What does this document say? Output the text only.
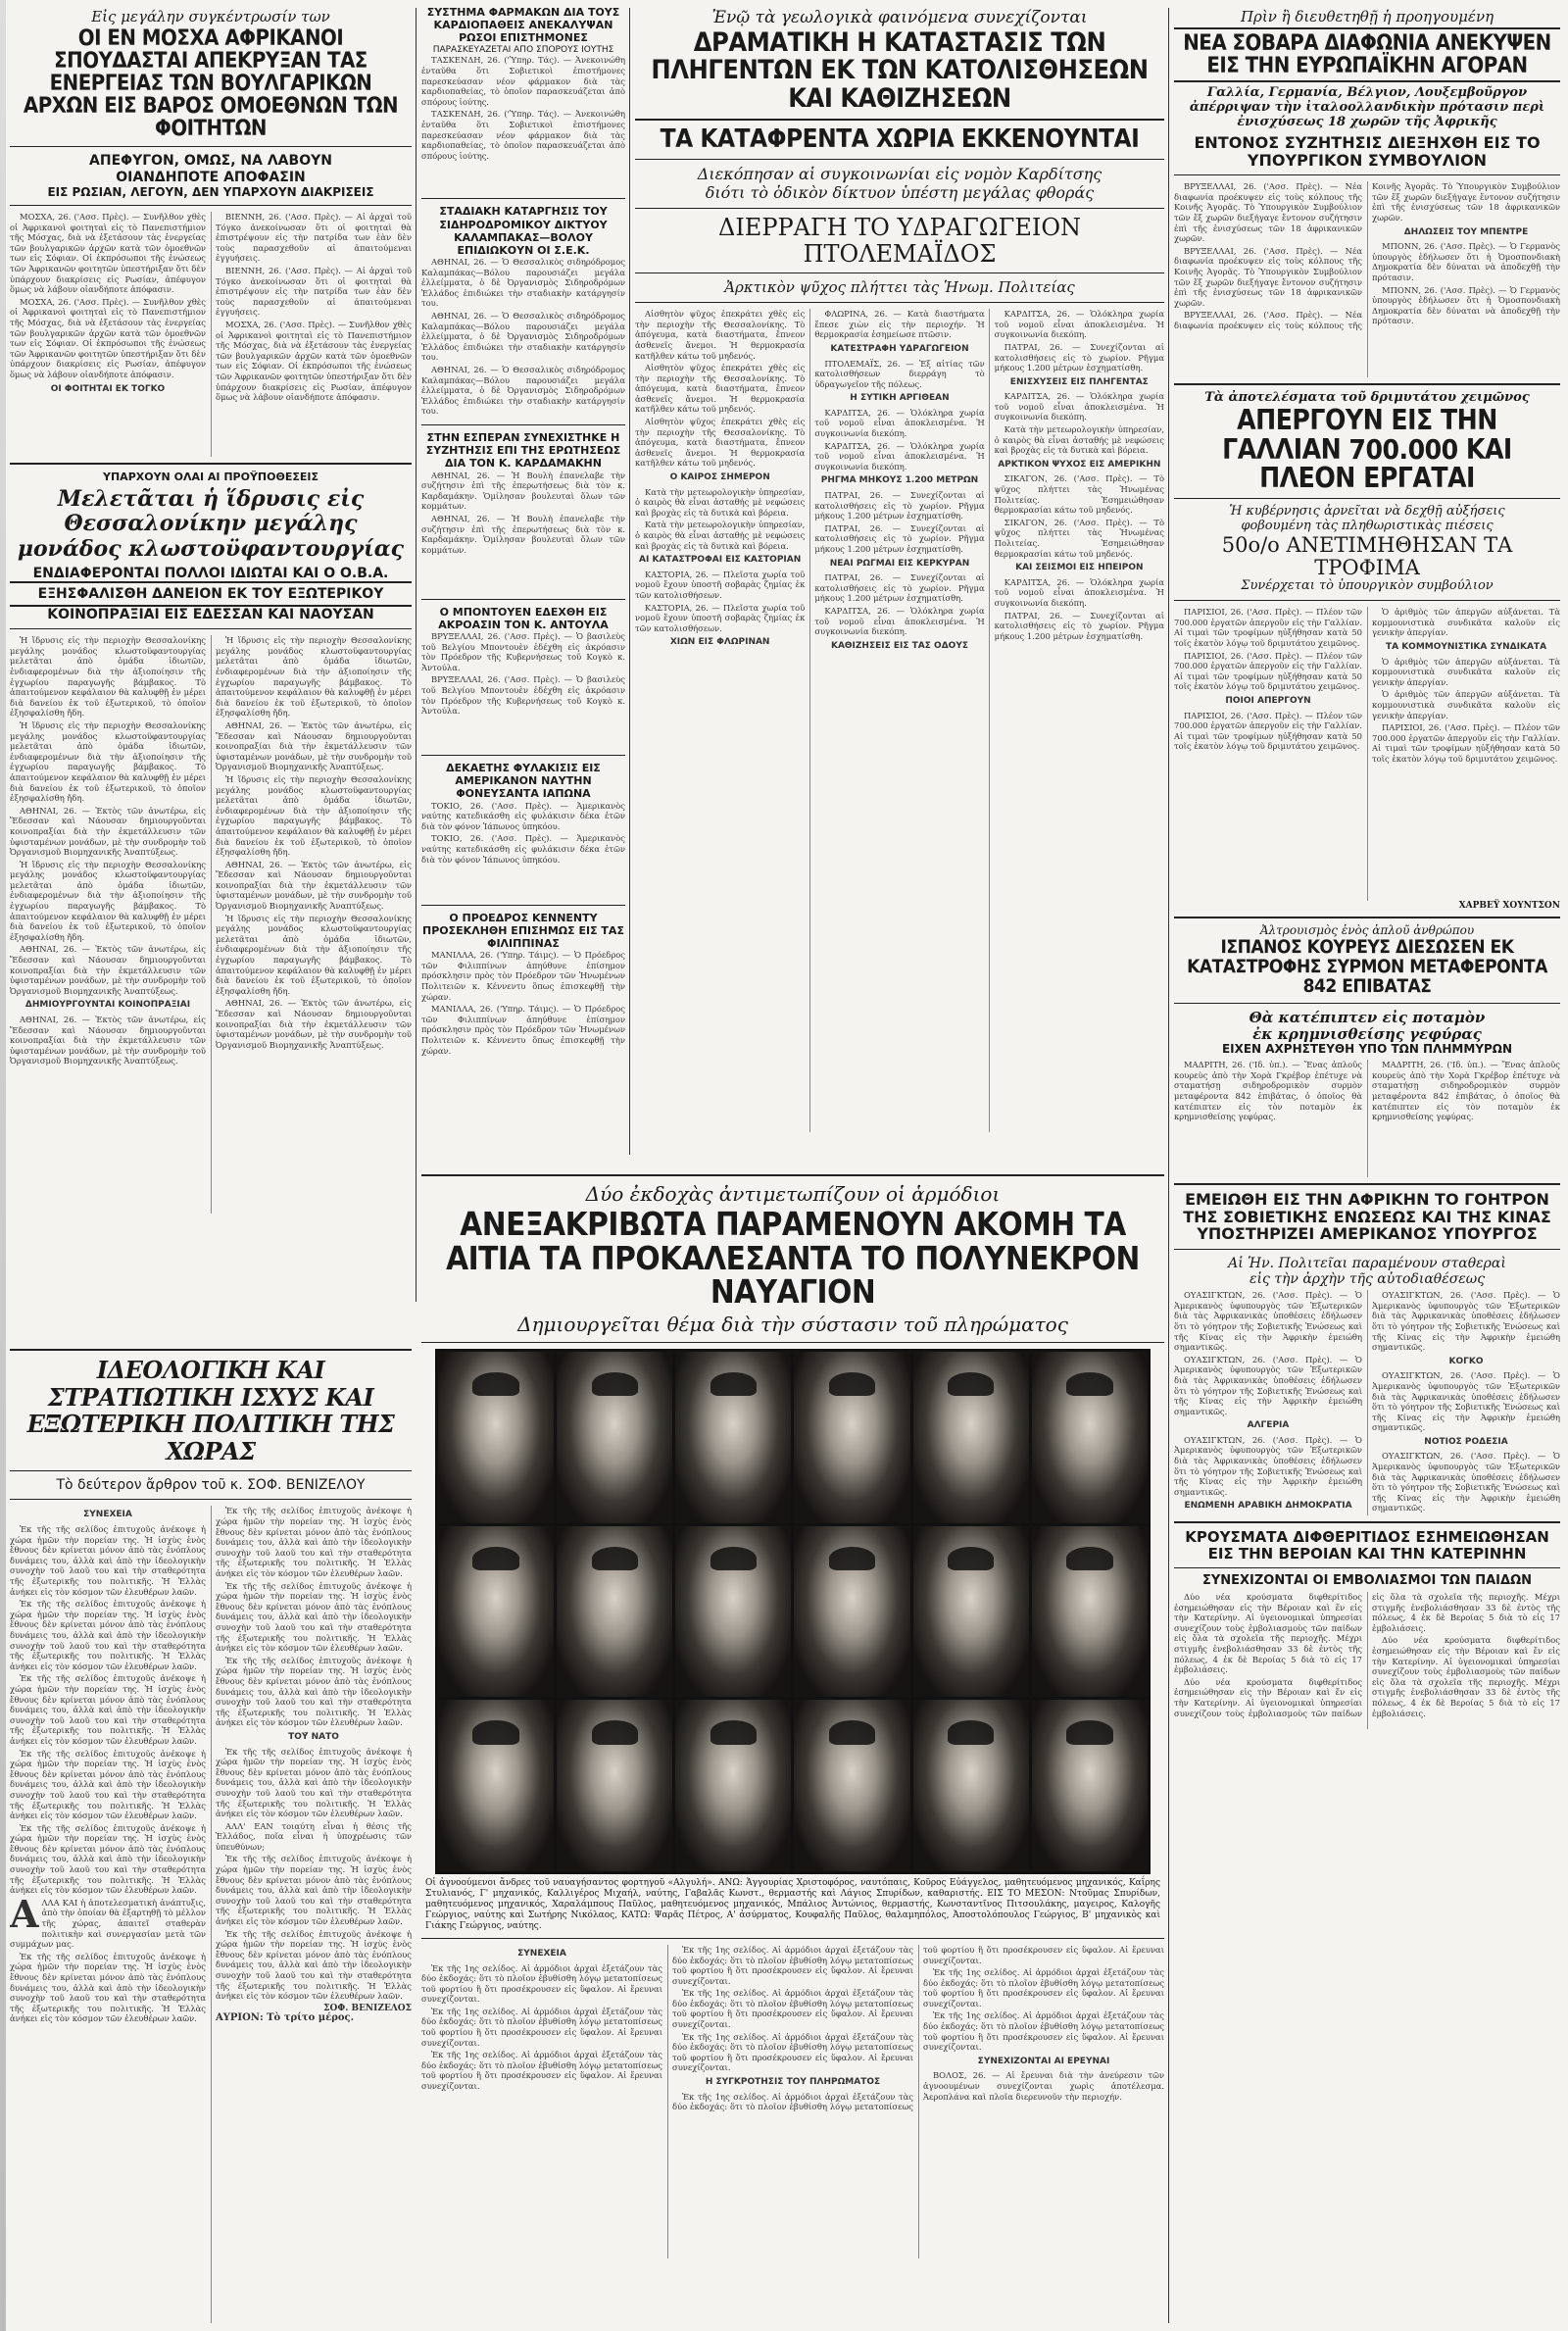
Εἰς μεγάλην συγκέντρωσίν των
ΟΙ ΕΝ ΜΟΣΧΑ ΑΦΡΙΚΑΝΟΙ ΣΠΟΥΔΑΣΤΑΙ ΑΠΕΚΡΥΞΑΝ ΤΑΣ ΕΝΕΡΓΕΙΑΣ ΤΩΝ ΒΟΥΛΓΑΡΙΚΩΝ ΑΡΧΩΝ ΕΙΣ ΒΑΡΟΣ ΟΜΟΕΘΝΩΝ ΤΩΝ ΦΟΙΤΗΤΩΝ
ΑΠΕΦΥΓΟΝ, ΟΜΩΣ, ΝΑ ΛΑΒΟΥΝ
ΟΙΑΝΔΗΠΟΤΕ ΑΠΟΦΑΣΙΝ
ΕΙΣ ΡΩΣΙΑΝ, ΛΕΓΟΥΝ, ΔΕΝ ΥΠΑΡΧΟΥΝ ΔΙΑΚΡΙΣΕΙΣ

ΜΟΣΧΑ, 26. ('Ασσ. Πρὲς). — Συνῆλθον χθὲς οἱ Ἀφρικανοὶ φοιτηταὶ εἰς τὸ Πανεπιστήμιον τῆς Μόσχας, διὰ νὰ ἐξετάσουν τὰς ἐνεργείας τῶν βουλγαρικῶν ἀρχῶν κατὰ τῶν ὁμοεθνῶν των εἰς Σόφιαν. Οἱ ἐκπρόσωποι τῆς ἑνώσεως τῶν Ἀφρικανῶν φοιτητῶν ὑπεστήριξαν ὅτι δὲν ὑπάρχουν διακρίσεις εἰς Ρωσίαν, ἀπέφυγον ὅμως νὰ λάβουν οἱανδήποτε ἀπόφασιν.

ΜΟΣΧΑ, 26. ('Ασσ. Πρὲς). — Συνῆλθον χθὲς οἱ Ἀφρικανοὶ φοιτηταὶ εἰς τὸ Πανεπιστήμιον τῆς Μόσχας, διὰ νὰ ἐξετάσουν τὰς ἐνεργείας τῶν βουλγαρικῶν ἀρχῶν κατὰ τῶν ὁμοεθνῶν των εἰς Σόφιαν. Οἱ ἐκπρόσωποι τῆς ἑνώσεως τῶν Ἀφρικανῶν φοιτητῶν ὑπεστήριξαν ὅτι δὲν ὑπάρχουν διακρίσεις εἰς Ρωσίαν, ἀπέφυγον ὅμως νὰ λάβουν οἱανδήποτε ἀπόφασιν.

ΟΙ ΦΟΙΤΗΤΑΙ ΕΚ ΤΟΓΚΟ

ΒΙΕΝΝΗ, 26. ('Ασσ. Πρὲς). — Αἱ ἀρχαὶ τοῦ Τόγκο ἀνεκοίνωσαν ὅτι οἱ φοιτηταὶ θὰ ἐπιστρέψουν εἰς τὴν πατρίδα των ἐὰν δὲν τοὺς παρασχεθοῦν αἱ ἀπαιτούμεναι ἐγγυήσεις.

ΒΙΕΝΝΗ, 26. ('Ασσ. Πρὲς). — Αἱ ἀρχαὶ τοῦ Τόγκο ἀνεκοίνωσαν ὅτι οἱ φοιτηταὶ θὰ ἐπιστρέψουν εἰς τὴν πατρίδα των ἐὰν δὲν τοὺς παρασχεθοῦν αἱ ἀπαιτούμεναι ἐγγυήσεις.

ΜΟΣΧΑ, 26. ('Ασσ. Πρὲς). — Συνῆλθον χθὲς οἱ Ἀφρικανοὶ φοιτηταὶ εἰς τὸ Πανεπιστήμιον τῆς Μόσχας, διὰ νὰ ἐξετάσουν τὰς ἐνεργείας τῶν βουλγαρικῶν ἀρχῶν κατὰ τῶν ὁμοεθνῶν των εἰς Σόφιαν. Οἱ ἐκπρόσωποι τῆς ἑνώσεως τῶν Ἀφρικανῶν φοιτητῶν ὑπεστήριξαν ὅτι δὲν ὑπάρχουν διακρίσεις εἰς Ρωσίαν, ἀπέφυγον ὅμως νὰ λάβουν οἱανδήποτε ἀπόφασιν.

ΥΠΑΡΧΟΥΝ ΟΛΑΙ ΑΙ ΠΡΟΫΠΟΘΕΣΕΙΣ
Μελετᾶται ἡ ἵδρυσις εἰς Θεσσαλονίκην μεγάλης μονάδος κλωστοϋφαντουργίας
ΕΝΔΙΑΦΕΡΟΝΤΑΙ ΠΟΛΛΟΙ ΙΔΙΩΤΑΙ ΚΑΙ Ο Ο.Β.Α.
ΕΞΗΣΦΑΛΙΣΘΗ ΔΑΝΕΙΟΝ ΕΚ ΤΟΥ ΕΞΩΤΕΡΙΚΟΥ
ΚΟΙΝΟΠΡΑΞΙΑΙ ΕΙΣ ΕΔΕΣΣΑΝ ΚΑΙ ΝΑΟΥΣΑΝ

Ἡ ἵδρυσις εἰς τὴν περιοχὴν Θεσσαλονίκης μεγάλης μονάδος κλωστοϋφαντουργίας μελετᾶται ἀπὸ ὁμάδα ἰδιωτῶν, ἐνδιαφερομένων διὰ τὴν ἀξιοποίησιν τῆς ἐγχωρίου παραγωγῆς βάμβακος. Τὸ ἀπαιτούμενον κεφάλαιον θὰ καλυφθῇ ἐν μέρει διὰ δανείου ἐκ τοῦ ἐξωτερικοῦ, τὸ ὁποῖον ἐξησφαλίσθη ἤδη.

Ἡ ἵδρυσις εἰς τὴν περιοχὴν Θεσσαλονίκης μεγάλης μονάδος κλωστοϋφαντουργίας μελετᾶται ἀπὸ ὁμάδα ἰδιωτῶν, ἐνδιαφερομένων διὰ τὴν ἀξιοποίησιν τῆς ἐγχωρίου παραγωγῆς βάμβακος. Τὸ ἀπαιτούμενον κεφάλαιον θὰ καλυφθῇ ἐν μέρει διὰ δανείου ἐκ τοῦ ἐξωτερικοῦ, τὸ ὁποῖον ἐξησφαλίσθη ἤδη.

ΑΘΗΝΑΙ, 26. — Ἐκτὸς τῶν ἀνωτέρω, εἰς Ἔδεσσαν καὶ Νάουσαν δημιουργοῦνται κοινοπραξίαι διὰ τὴν ἐκμετάλλευσιν τῶν ὑφισταμένων μονάδων, μὲ τὴν συνδρομὴν τοῦ Ὀργανισμοῦ Βιομηχανικῆς Ἀναπτύξεως.

Ἡ ἵδρυσις εἰς τὴν περιοχὴν Θεσσαλονίκης μεγάλης μονάδος κλωστοϋφαντουργίας μελετᾶται ἀπὸ ὁμάδα ἰδιωτῶν, ἐνδιαφερομένων διὰ τὴν ἀξιοποίησιν τῆς ἐγχωρίου παραγωγῆς βάμβακος. Τὸ ἀπαιτούμενον κεφάλαιον θὰ καλυφθῇ ἐν μέρει διὰ δανείου ἐκ τοῦ ἐξωτερικοῦ, τὸ ὁποῖον ἐξησφαλίσθη ἤδη.

ΑΘΗΝΑΙ, 26. — Ἐκτὸς τῶν ἀνωτέρω, εἰς Ἔδεσσαν καὶ Νάουσαν δημιουργοῦνται κοινοπραξίαι διὰ τὴν ἐκμετάλλευσιν τῶν ὑφισταμένων μονάδων, μὲ τὴν συνδρομὴν τοῦ Ὀργανισμοῦ Βιομηχανικῆς Ἀναπτύξεως.

ΔΗΜΙΟΥΡΓΟΥΝΤΑΙ ΚΟΙΝΟΠΡΑΞΙΑΙ

ΑΘΗΝΑΙ, 26. — Ἐκτὸς τῶν ἀνωτέρω, εἰς Ἔδεσσαν καὶ Νάουσαν δημιουργοῦνται κοινοπραξίαι διὰ τὴν ἐκμετάλλευσιν τῶν ὑφισταμένων μονάδων, μὲ τὴν συνδρομὴν τοῦ Ὀργανισμοῦ Βιομηχανικῆς Ἀναπτύξεως.

Ἡ ἵδρυσις εἰς τὴν περιοχὴν Θεσσαλονίκης μεγάλης μονάδος κλωστοϋφαντουργίας μελετᾶται ἀπὸ ὁμάδα ἰδιωτῶν, ἐνδιαφερομένων διὰ τὴν ἀξιοποίησιν τῆς ἐγχωρίου παραγωγῆς βάμβακος. Τὸ ἀπαιτούμενον κεφάλαιον θὰ καλυφθῇ ἐν μέρει διὰ δανείου ἐκ τοῦ ἐξωτερικοῦ, τὸ ὁποῖον ἐξησφαλίσθη ἤδη.

ΑΘΗΝΑΙ, 26. — Ἐκτὸς τῶν ἀνωτέρω, εἰς Ἔδεσσαν καὶ Νάουσαν δημιουργοῦνται κοινοπραξίαι διὰ τὴν ἐκμετάλλευσιν τῶν ὑφισταμένων μονάδων, μὲ τὴν συνδρομὴν τοῦ Ὀργανισμοῦ Βιομηχανικῆς Ἀναπτύξεως.

Ἡ ἵδρυσις εἰς τὴν περιοχὴν Θεσσαλονίκης μεγάλης μονάδος κλωστοϋφαντουργίας μελετᾶται ἀπὸ ὁμάδα ἰδιωτῶν, ἐνδιαφερομένων διὰ τὴν ἀξιοποίησιν τῆς ἐγχωρίου παραγωγῆς βάμβακος. Τὸ ἀπαιτούμενον κεφάλαιον θὰ καλυφθῇ ἐν μέρει διὰ δανείου ἐκ τοῦ ἐξωτερικοῦ, τὸ ὁποῖον ἐξησφαλίσθη ἤδη.

ΑΘΗΝΑΙ, 26. — Ἐκτὸς τῶν ἀνωτέρω, εἰς Ἔδεσσαν καὶ Νάουσαν δημιουργοῦνται κοινοπραξίαι διὰ τὴν ἐκμετάλλευσιν τῶν ὑφισταμένων μονάδων, μὲ τὴν συνδρομὴν τοῦ Ὀργανισμοῦ Βιομηχανικῆς Ἀναπτύξεως.

Ἡ ἵδρυσις εἰς τὴν περιοχὴν Θεσσαλονίκης μεγάλης μονάδος κλωστοϋφαντουργίας μελετᾶται ἀπὸ ὁμάδα ἰδιωτῶν, ἐνδιαφερομένων διὰ τὴν ἀξιοποίησιν τῆς ἐγχωρίου παραγωγῆς βάμβακος. Τὸ ἀπαιτούμενον κεφάλαιον θὰ καλυφθῇ ἐν μέρει διὰ δανείου ἐκ τοῦ ἐξωτερικοῦ, τὸ ὁποῖον ἐξησφαλίσθη ἤδη.

ΑΘΗΝΑΙ, 26. — Ἐκτὸς τῶν ἀνωτέρω, εἰς Ἔδεσσαν καὶ Νάουσαν δημιουργοῦνται κοινοπραξίαι διὰ τὴν ἐκμετάλλευσιν τῶν ὑφισταμένων μονάδων, μὲ τὴν συνδρομὴν τοῦ Ὀργανισμοῦ Βιομηχανικῆς Ἀναπτύξεως.

ΙΔΕΟΛΟΓΙΚΗ ΚΑΙ ΣΤΡΑΤΙΩΤΙΚΗ ΙΣΧΥΣ ΚΑΙ ΕΞΩΤΕΡΙΚΗ ΠΟΛΙΤΙΚΗ ΤΗΣ ΧΩΡΑΣ
Τὸ δεύτερον ἄρθρον τοῦ κ. ΣΟΦ. ΒΕΝΙΖΕΛΟΥ
ΣΥΝΕΧΕΙΑ

Ἐκ τῆς τῆς σελίδος ἐπιτυχοῦς ἀνέκοψε ἡ χώρα ἡμῶν τὴν πορείαν της. Ἡ ἰσχὺς ἑνὸς ἔθνους δὲν κρίνεται μόνον ἀπὸ τὰς ἐνόπλους δυνάμεις του, ἀλλὰ καὶ ἀπὸ τὴν ἰδεολογικὴν συνοχὴν τοῦ λαοῦ του καὶ τὴν σταθερότητα τῆς ἐξωτερικῆς του πολιτικῆς. Ἡ Ἑλλὰς ἀνήκει εἰς τὸν κόσμον τῶν ἐλευθέρων λαῶν.

Ἐκ τῆς τῆς σελίδος ἐπιτυχοῦς ἀνέκοψε ἡ χώρα ἡμῶν τὴν πορείαν της. Ἡ ἰσχὺς ἑνὸς ἔθνους δὲν κρίνεται μόνον ἀπὸ τὰς ἐνόπλους δυνάμεις του, ἀλλὰ καὶ ἀπὸ τὴν ἰδεολογικὴν συνοχὴν τοῦ λαοῦ του καὶ τὴν σταθερότητα τῆς ἐξωτερικῆς του πολιτικῆς. Ἡ Ἑλλὰς ἀνήκει εἰς τὸν κόσμον τῶν ἐλευθέρων λαῶν.

Ἐκ τῆς τῆς σελίδος ἐπιτυχοῦς ἀνέκοψε ἡ χώρα ἡμῶν τὴν πορείαν της. Ἡ ἰσχὺς ἑνὸς ἔθνους δὲν κρίνεται μόνον ἀπὸ τὰς ἐνόπλους δυνάμεις του, ἀλλὰ καὶ ἀπὸ τὴν ἰδεολογικὴν συνοχὴν τοῦ λαοῦ του καὶ τὴν σταθερότητα τῆς ἐξωτερικῆς του πολιτικῆς. Ἡ Ἑλλὰς ἀνήκει εἰς τὸν κόσμον τῶν ἐλευθέρων λαῶν.

Ἐκ τῆς τῆς σελίδος ἐπιτυχοῦς ἀνέκοψε ἡ χώρα ἡμῶν τὴν πορείαν της. Ἡ ἰσχὺς ἑνὸς ἔθνους δὲν κρίνεται μόνον ἀπὸ τὰς ἐνόπλους δυνάμεις του, ἀλλὰ καὶ ἀπὸ τὴν ἰδεολογικὴν συνοχὴν τοῦ λαοῦ του καὶ τὴν σταθερότητα τῆς ἐξωτερικῆς του πολιτικῆς. Ἡ Ἑλλὰς ἀνήκει εἰς τὸν κόσμον τῶν ἐλευθέρων λαῶν.

Ἐκ τῆς τῆς σελίδος ἐπιτυχοῦς ἀνέκοψε ἡ χώρα ἡμῶν τὴν πορείαν της. Ἡ ἰσχὺς ἑνὸς ἔθνους δὲν κρίνεται μόνον ἀπὸ τὰς ἐνόπλους δυνάμεις του, ἀλλὰ καὶ ἀπὸ τὴν ἰδεολογικὴν συνοχὴν τοῦ λαοῦ του καὶ τὴν σταθερότητα τῆς ἐξωτερικῆς του πολιτικῆς. Ἡ Ἑλλὰς ἀνήκει εἰς τὸν κόσμον τῶν ἐλευθέρων λαῶν.

ΑΛΛΑ ΚΑΙ ἡ ἀποτελεσματικὴ ἀνάπτυξις, ἀπὸ τὴν ὁποίαν θὰ ἐξαρτηθῇ τὸ μέλλον τῆς χώρας, ἀπαιτεῖ σταθερὰν πολιτικὴν καὶ συνεργασίαν μετὰ τῶν συμμάχων μας.

Ἐκ τῆς τῆς σελίδος ἐπιτυχοῦς ἀνέκοψε ἡ χώρα ἡμῶν τὴν πορείαν της. Ἡ ἰσχὺς ἑνὸς ἔθνους δὲν κρίνεται μόνον ἀπὸ τὰς ἐνόπλους δυνάμεις του, ἀλλὰ καὶ ἀπὸ τὴν ἰδεολογικὴν συνοχὴν τοῦ λαοῦ του καὶ τὴν σταθερότητα τῆς ἐξωτερικῆς του πολιτικῆς. Ἡ Ἑλλὰς ἀνήκει εἰς τὸν κόσμον τῶν ἐλευθέρων λαῶν.

Ἐκ τῆς τῆς σελίδος ἐπιτυχοῦς ἀνέκοψε ἡ χώρα ἡμῶν τὴν πορείαν της. Ἡ ἰσχὺς ἑνὸς ἔθνους δὲν κρίνεται μόνον ἀπὸ τὰς ἐνόπλους δυνάμεις του, ἀλλὰ καὶ ἀπὸ τὴν ἰδεολογικὴν συνοχὴν τοῦ λαοῦ του καὶ τὴν σταθερότητα τῆς ἐξωτερικῆς του πολιτικῆς. Ἡ Ἑλλὰς ἀνήκει εἰς τὸν κόσμον τῶν ἐλευθέρων λαῶν.

Ἐκ τῆς τῆς σελίδος ἐπιτυχοῦς ἀνέκοψε ἡ χώρα ἡμῶν τὴν πορείαν της. Ἡ ἰσχὺς ἑνὸς ἔθνους δὲν κρίνεται μόνον ἀπὸ τὰς ἐνόπλους δυνάμεις του, ἀλλὰ καὶ ἀπὸ τὴν ἰδεολογικὴν συνοχὴν τοῦ λαοῦ του καὶ τὴν σταθερότητα τῆς ἐξωτερικῆς του πολιτικῆς. Ἡ Ἑλλὰς ἀνήκει εἰς τὸν κόσμον τῶν ἐλευθέρων λαῶν.

Ἐκ τῆς τῆς σελίδος ἐπιτυχοῦς ἀνέκοψε ἡ χώρα ἡμῶν τὴν πορείαν της. Ἡ ἰσχὺς ἑνὸς ἔθνους δὲν κρίνεται μόνον ἀπὸ τὰς ἐνόπλους δυνάμεις του, ἀλλὰ καὶ ἀπὸ τὴν ἰδεολογικὴν συνοχὴν τοῦ λαοῦ του καὶ τὴν σταθερότητα τῆς ἐξωτερικῆς του πολιτικῆς. Ἡ Ἑλλὰς ἀνήκει εἰς τὸν κόσμον τῶν ἐλευθέρων λαῶν.

ΤΟΥ͂ ΝΑΤΟ

Ἐκ τῆς τῆς σελίδος ἐπιτυχοῦς ἀνέκοψε ἡ χώρα ἡμῶν τὴν πορείαν της. Ἡ ἰσχὺς ἑνὸς ἔθνους δὲν κρίνεται μόνον ἀπὸ τὰς ἐνόπλους δυνάμεις του, ἀλλὰ καὶ ἀπὸ τὴν ἰδεολογικὴν συνοχὴν τοῦ λαοῦ του καὶ τὴν σταθερότητα τῆς ἐξωτερικῆς του πολιτικῆς. Ἡ Ἑλλὰς ἀνήκει εἰς τὸν κόσμον τῶν ἐλευθέρων λαῶν.

ΑΛΛ' ΕΑΝ τοιαύτη εἶναι ἡ θέσις τῆς Ἑλλάδος, ποῖα εἶναι ἡ ὑποχρέωσις τῶν ὑπευθύνων;

Ἐκ τῆς τῆς σελίδος ἐπιτυχοῦς ἀνέκοψε ἡ χώρα ἡμῶν τὴν πορείαν της. Ἡ ἰσχὺς ἑνὸς ἔθνους δὲν κρίνεται μόνον ἀπὸ τὰς ἐνόπλους δυνάμεις του, ἀλλὰ καὶ ἀπὸ τὴν ἰδεολογικὴν συνοχὴν τοῦ λαοῦ του καὶ τὴν σταθερότητα τῆς ἐξωτερικῆς του πολιτικῆς. Ἡ Ἑλλὰς ἀνήκει εἰς τὸν κόσμον τῶν ἐλευθέρων λαῶν.

Ἐκ τῆς τῆς σελίδος ἐπιτυχοῦς ἀνέκοψε ἡ χώρα ἡμῶν τὴν πορείαν της. Ἡ ἰσχὺς ἑνὸς ἔθνους δὲν κρίνεται μόνον ἀπὸ τὰς ἐνόπλους δυνάμεις του, ἀλλὰ καὶ ἀπὸ τὴν ἰδεολογικὴν συνοχὴν τοῦ λαοῦ του καὶ τὴν σταθερότητα τῆς ἐξωτερικῆς του πολιτικῆς. Ἡ Ἑλλὰς ἀνήκει εἰς τὸν κόσμον τῶν ἐλευθέρων λαῶν.

ΣΟΦ. ΒΕΝΙΖΕΛΟΣ
ΑΥΡΙΟΝ: Τὸ τρίτο μέρος.
ΣΥΣΤΗΜΑ ΦΑΡΜΑΚΩΝ ΔΙΑ ΤΟΥΣ ΚΑΡΔΙΟΠΑΘΕΙΣ ΑΝΕΚΑΛΥΨΑΝ ΡΩΣΟΙ ΕΠΙΣΤΗΜΟΝΕΣ
ΠΑΡΑΣΚΕΥΑΖΕΤΑΙ ΑΠΟ ΣΠΟΡΟΥΣ ΙΟΥΤΗΣ

ΤΑΣΚΕΝΔΗ, 26. ('Ὑπηρ. Τάς). — Ἀνεκοινώθη ἐνταῦθα ὅτι Σοβιετικοὶ ἐπιστήμονες παρεσκεύασαν νέον φάρμακον διὰ τὰς καρδιοπαθείας, τὸ ὁποῖον παρασκευάζεται ἀπὸ σπόρους ἰούτης.

ΤΑΣΚΕΝΔΗ, 26. ('Ὑπηρ. Τάς). — Ἀνεκοινώθη ἐνταῦθα ὅτι Σοβιετικοὶ ἐπιστήμονες παρεσκεύασαν νέον φάρμακον διὰ τὰς καρδιοπαθείας, τὸ ὁποῖον παρασκευάζεται ἀπὸ σπόρους ἰούτης.

ΣΤΑΔΙΑΚΗ ΚΑΤΑΡΓΗΣΙΣ ΤΟΥ ΣΙΔΗΡΟΔΡΟΜΙΚΟΥ ΔΙΚΤΥΟΥ ΚΑΛΑΜΠΑΚΑΣ—ΒΟΛΟΥ ΕΠΙΔΙΩΚΟΥΝ ΟΙ Σ.Ε.Κ.

ΑΘΗΝΑΙ, 26. — Ὁ Θεσσαλικὸς σιδηρόδρομος Καλαμπάκας—Βόλου παρουσιάζει μεγάλα ἐλλείμματα, ὁ δὲ Ὀργανισμὸς Σιδηροδρόμων Ἑλλάδος ἐπιδιώκει τὴν σταδιακὴν κατάργησίν του.

ΑΘΗΝΑΙ, 26. — Ὁ Θεσσαλικὸς σιδηρόδρομος Καλαμπάκας—Βόλου παρουσιάζει μεγάλα ἐλλείμματα, ὁ δὲ Ὀργανισμὸς Σιδηροδρόμων Ἑλλάδος ἐπιδιώκει τὴν σταδιακὴν κατάργησίν του.

ΑΘΗΝΑΙ, 26. — Ὁ Θεσσαλικὸς σιδηρόδρομος Καλαμπάκας—Βόλου παρουσιάζει μεγάλα ἐλλείμματα, ὁ δὲ Ὀργανισμὸς Σιδηροδρόμων Ἑλλάδος ἐπιδιώκει τὴν σταδιακὴν κατάργησίν του.

ΣΤΗΝ ΕΣΠΕΡΑΝ ΣΥΝΕΧΙΣΤΗΚΕ Η ΣΥΖΗΤΗΣΙΣ ΕΠΙ ΤΗΣ ΕΡΩΤΗΣΕΩΣ ΔΙΑ ΤΟΝ Κ. ΚΑΡΔΑΜΑΚΗΝ

ΑΘΗΝΑΙ, 26. — Ἡ Βουλὴ ἐπανελαβε τὴν συζήτησιν ἐπὶ τῆς ἐπερωτήσεως διὰ τὸν κ. Καρδαμάκην. Ὁμίλησαν βουλευταὶ ὅλων τῶν κομμάτων.

ΑΘΗΝΑΙ, 26. — Ἡ Βουλὴ ἐπανελαβε τὴν συζήτησιν ἐπὶ τῆς ἐπερωτήσεως διὰ τὸν κ. Καρδαμάκην. Ὁμίλησαν βουλευταὶ ὅλων τῶν κομμάτων.

Ο ΜΠΟΝΤΟΥΕΝ ΕΔΕΧΘΗ ΕΙΣ ΑΚΡΟΑΣΙΝ ΤΟΝ Κ. ΑΝΤΟΥΛΑ

ΒΡΥΞΕΛΛΑΙ, 26. ('Ασσ. Πρὲς). — Ὁ βασιλεὺς τοῦ Βελγίου Μποντουὲν ἐδέχθη εἰς ἀκρόασιν τὸν Πρόεδρον τῆς Κυβερνήσεως τοῦ Κογκὸ κ. Ἀντούλα.

ΒΡΥΞΕΛΛΑΙ, 26. ('Ασσ. Πρὲς). — Ὁ βασιλεὺς τοῦ Βελγίου Μποντουὲν ἐδέχθη εἰς ἀκρόασιν τὸν Πρόεδρον τῆς Κυβερνήσεως τοῦ Κογκὸ κ. Ἀντούλα.

ΔΕΚΑΕΤΗΣ ΦΥΛΑΚΙΣΙΣ ΕΙΣ ΑΜΕΡΙΚΑΝΟΝ ΝΑΥΤΗΝ ΦΟΝΕΥΣΑΝΤΑ ΙΑΠΩΝΑ

ΤΟΚΙΟ, 26. ('Ασσ. Πρὲς). — Ἀμερικανὸς ναύτης κατεδικάσθη εἰς φυλάκισιν δέκα ἐτῶν διὰ τὸν φόνον Ἰάπωνος ὑπηκόου.

ΤΟΚΙΟ, 26. ('Ασσ. Πρὲς). — Ἀμερικανὸς ναύτης κατεδικάσθη εἰς φυλάκισιν δέκα ἐτῶν διὰ τὸν φόνον Ἰάπωνος ὑπηκόου.

Ο ΠΡΟΕΔΡΟΣ ΚΕΝΝΕΝΤΥ ΠΡΟΣΕΚΛΗΘΗ ΕΠΙΣΗΜΩΣ ΕΙΣ ΤΑΣ ΦΙΛΙΠΠΙΝΑΣ

ΜΑΝΙΛΛΑ, 26. ('Υπηρ. Τάιμς). — Ὁ Πρόεδρος τῶν Φιλιππίνων ἀπηύθυνε ἐπίσημον πρόσκλησιν πρὸς τὸν Πρόεδρον τῶν Ἡνωμένων Πολιτειῶν κ. Κέννεντυ ὅπως ἐπισκεφθῇ τὴν χώραν.

ΜΑΝΙΛΛΑ, 26. ('Υπηρ. Τάιμς). — Ὁ Πρόεδρος τῶν Φιλιππίνων ἀπηύθυνε ἐπίσημον πρόσκλησιν πρὸς τὸν Πρόεδρον τῶν Ἡνωμένων Πολιτειῶν κ. Κέννεντυ ὅπως ἐπισκεφθῇ τὴν χώραν.

Ἐνῷ τὰ γεωλογικὰ φαινόμενα συνεχίζονται
ΔΡΑΜΑΤΙΚΗ Η ΚΑΤΑΣΤΑΣΙΣ ΤΩΝ ΠΛΗΓΕΝΤΩΝ ΕΚ ΤΩΝ ΚΑΤΟΛΙΣΘΗΣΕΩΝ ΚΑΙ ΚΑΘΙΖΗΣΕΩΝ
ΤΑ ΚΑΤΑΦΡΕΝΤΑ ΧΩΡΙΑ ΕΚΚΕΝΟΥΝΤΑΙ
Διεκόπησαν αἱ συγκοινωνίαι εἰς νομὸν Καρδίτσης
διότι τὸ ὁδικὸν δίκτυον ὑπέστη μεγάλας φθοράς
ΔΙΕΡΡΑΓΗ ΤΟ ΥΔΡΑΓΩΓΕΙΟΝ ΠΤΟΛΕΜΑΪΔΟΣ
Ἀρκτικὸν ψῦχος πλήττει τὰς Ἡνωμ. Πολιτείας

Αἰσθητὸν ψῦχος ἐπεκράτει χθὲς εἰς τὴν περιοχὴν τῆς Θεσσαλονίκης. Τὸ ἀπόγευμα, κατὰ διαστήματα, ἔπνεον ἀσθενεῖς ἄνεμοι. Ἡ θερμοκρασία κατῆλθεν κάτω τοῦ μηδενός.

Αἰσθητὸν ψῦχος ἐπεκράτει χθὲς εἰς τὴν περιοχὴν τῆς Θεσσαλονίκης. Τὸ ἀπόγευμα, κατὰ διαστήματα, ἔπνεον ἀσθενεῖς ἄνεμοι. Ἡ θερμοκρασία κατῆλθεν κάτω τοῦ μηδενός.

Αἰσθητὸν ψῦχος ἐπεκράτει χθὲς εἰς τὴν περιοχὴν τῆς Θεσσαλονίκης. Τὸ ἀπόγευμα, κατὰ διαστήματα, ἔπνεον ἀσθενεῖς ἄνεμοι. Ἡ θερμοκρασία κατῆλθεν κάτω τοῦ μηδενός.

Ο ΚΑΙΡΟΣ ΣΗΜΕΡΟΝ

Κατὰ τὴν μετεωρολογικὴν ὑπηρεσίαν, ὁ καιρὸς θὰ εἶναι ἀσταθής μὲ νεφώσεις καὶ βροχὰς εἰς τὰ δυτικὰ καὶ βόρεια.

Κατὰ τὴν μετεωρολογικὴν ὑπηρεσίαν, ὁ καιρὸς θὰ εἶναι ἀσταθής μὲ νεφώσεις καὶ βροχὰς εἰς τὰ δυτικὰ καὶ βόρεια.

ΑΙ ΚΑΤΑΣΤΡΟΦΑΙ ΕΙΣ ΚΑΣΤΟΡΙΑΝ

ΚΑΣΤΟΡΙΑ, 26. — Πλεῖστα χωρία τοῦ νομοῦ ἔχουν ὑποστῆ σοβαρὰς ζημίας ἐκ τῶν κατολισθήσεων.

ΚΑΣΤΟΡΙΑ, 26. — Πλεῖστα χωρία τοῦ νομοῦ ἔχουν ὑποστῆ σοβαρὰς ζημίας ἐκ τῶν κατολισθήσεων.

ΧΙΩΝ ΕΙΣ ΦΛΩΡΙΝΑΝ

ΦΛΩΡΙΝΑ, 26. — Κατὰ διαστήματα ἔπεσε χιὼν εἰς τὴν περιοχήν. Ἡ θερμοκρασία ἐσημείωσε πτῶσιν.

ΚΑΤΕΣΤΡΑΦΗ ΥΔΡΑΓΩΓΕΙΟΝ

ΠΤΟΛΕΜΑΪΣ, 26. — Ἐξ αἰτίας τῶν κατολισθήσεων διερράγη τὸ ὑδραγωγεῖον τῆς πόλεως.

Η ΣΥΤΙΚΗ ΑΡΓΙΘΕΑΝ

ΚΑΡΔΙΤΣΑ, 26. — Ὁλόκληρα χωρία τοῦ νομοῦ εἶναι ἀποκλεισμένα. Ἡ συγκοινωνία διεκόπη.

ΚΑΡΔΙΤΣΑ, 26. — Ὁλόκληρα χωρία τοῦ νομοῦ εἶναι ἀποκλεισμένα. Ἡ συγκοινωνία διεκόπη.

ΡΗΓΜΑ ΜΗΚΟΥΣ 1.200 ΜΕΤΡΩΝ

ΠΑΤΡΑΙ, 26. — Συνεχίζονται αἱ κατολισθήσεις εἰς τὸ χωρίον. Ρῆγμα μήκους 1.200 μέτρων ἐσχηματίσθη.

ΠΑΤΡΑΙ, 26. — Συνεχίζονται αἱ κατολισθήσεις εἰς τὸ χωρίον. Ρῆγμα μήκους 1.200 μέτρων ἐσχηματίσθη.

ΝΕΑΙ ΡΩΓΜΑΙ ΕΙΣ ΚΕΡΚΥΡΑΝ

ΠΑΤΡΑΙ, 26. — Συνεχίζονται αἱ κατολισθήσεις εἰς τὸ χωρίον. Ρῆγμα μήκους 1.200 μέτρων ἐσχηματίσθη.

ΚΑΡΔΙΤΣΑ, 26. — Ὁλόκληρα χωρία τοῦ νομοῦ εἶναι ἀποκλεισμένα. Ἡ συγκοινωνία διεκόπη.

ΚΑΘΙΖΗΣΕΙΣ ΕΙΣ ΤΑΣ ΟΔΟΥΣ

ΚΑΡΔΙΤΣΑ, 26. — Ὁλόκληρα χωρία τοῦ νομοῦ εἶναι ἀποκλεισμένα. Ἡ συγκοινωνία διεκόπη.

ΠΑΤΡΑΙ, 26. — Συνεχίζονται αἱ κατολισθήσεις εἰς τὸ χωρίον. Ρῆγμα μήκους 1.200 μέτρων ἐσχηματίσθη.

ΕΝΙΣΧΥΣΕΙΣ ΕΙΣ ΠΛΗΓΕΝΤΑΣ

ΚΑΡΔΙΤΣΑ, 26. — Ὁλόκληρα χωρία τοῦ νομοῦ εἶναι ἀποκλεισμένα. Ἡ συγκοινωνία διεκόπη.

Κατὰ τὴν μετεωρολογικὴν ὑπηρεσίαν, ὁ καιρὸς θὰ εἶναι ἀσταθής μὲ νεφώσεις καὶ βροχὰς εἰς τὰ δυτικὰ καὶ βόρεια.

ΑΡΚΤΙΚΟΝ ΨΥΧΟΣ ΕΙΣ ΑΜΕΡΙΚΗΝ

ΣΙΚΑΓΟΝ, 26. ('Ασσ. Πρὲς). — Τὸ ψῦχος πλήττει τὰς Ἡνωμένας Πολιτείας. Ἐσημειώθησαν θερμοκρασίαι κάτω τοῦ μηδενός.

ΣΙΚΑΓΟΝ, 26. ('Ασσ. Πρὲς). — Τὸ ψῦχος πλήττει τὰς Ἡνωμένας Πολιτείας. Ἐσημειώθησαν θερμοκρασίαι κάτω τοῦ μηδενός.

ΚΑΙ ΣΕΙΣΜΟΙ ΕΙΣ ΗΠΕΙΡΟΝ

ΚΑΡΔΙΤΣΑ, 26. — Ὁλόκληρα χωρία τοῦ νομοῦ εἶναι ἀποκλεισμένα. Ἡ συγκοινωνία διεκόπη.

ΠΑΤΡΑΙ, 26. — Συνεχίζονται αἱ κατολισθήσεις εἰς τὸ χωρίον. Ρῆγμα μήκους 1.200 μέτρων ἐσχηματίσθη.

Δύο ἐκδοχὰς ἀντιμετωπίζουν οἱ ἁρμόδιοι
ΑΝΕΞΑΚΡΙΒΩΤΑ ΠΑΡΑΜΕΝΟΥΝ ΑΚΟΜΗ ΤΑ ΑΙΤΙΑ ΤΑ ΠΡΟΚΑΛΕΣΑΝΤΑ ΤΟ ΠΟΛΥΝΕΚΡΟΝ ΝΑΥΑΓΙΟΝ
Δημιουργεῖται θέμα διὰ τὴν σύστασιν τοῦ πληρώματος
Οἱ ἀγνοούμενοι ἄνδρες τοῦ ναυαγήσαντος φορτηγοῦ «Αλγυλή». ΑΝΩ: Ἀγγουρίας Χριστοφόρος, ναυτόπαις, Κοῦρος Εὐάγγελος, μαθητευόμενος μηχανικός, Καΐρης Στυλιανός, Γ' μηχανικός, Καλλιγέρος Μιχαήλ, ναύτης, Γαβαλᾶς Κωνστ., θερμαστής καὶ Λάγιος Σπυρίδων, καθαριστής. ΕΙΣ ΤΟ ΜΕΣΟΝ: Ντοῦμας Σπυρίδων, μαθητευόμενος μηχανικός, Χαραλάμπους Παῦλος, μαθητευόμενος μηχανικός, Μπάλιος Ἀντώνιος, θερμαστής, Κωνσταντῖνος Πιτσουλάκης, μαγειρος, Καλογῆς Γεώργιος, ναύτης καὶ Σωτήρης Νικόλαος, ΚΑΤΩ: Ψαρᾶς Πέτρος, Α' ἀσύρματος, Κουφαλῆς Παῦλος, θαλαμηπόλος, Ἀποστολόπουλος Γεώργιος, Β' μηχανικὸς καὶ Γιάκης Γεώργιος, ναύτης.
ΣΥΝΕΧΕΙΑ

Ἐκ τῆς 1ης σελίδος. Αἱ ἁρμόδιοι ἀρχαὶ ἐξετάζουν τὰς δύο ἐκδοχάς: ὅτι τὸ πλοῖον ἐβυθίσθη λόγῳ μετατοπίσεως τοῦ φορτίου ἢ ὅτι προσέκρουσεν εἰς ὕφαλον. Αἱ ἔρευναι συνεχίζονται.

Ἐκ τῆς 1ης σελίδος. Αἱ ἁρμόδιοι ἀρχαὶ ἐξετάζουν τὰς δύο ἐκδοχάς: ὅτι τὸ πλοῖον ἐβυθίσθη λόγῳ μετατοπίσεως τοῦ φορτίου ἢ ὅτι προσέκρουσεν εἰς ὕφαλον. Αἱ ἔρευναι συνεχίζονται.

Ἐκ τῆς 1ης σελίδος. Αἱ ἁρμόδιοι ἀρχαὶ ἐξετάζουν τὰς δύο ἐκδοχάς: ὅτι τὸ πλοῖον ἐβυθίσθη λόγῳ μετατοπίσεως τοῦ φορτίου ἢ ὅτι προσέκρουσεν εἰς ὕφαλον. Αἱ ἔρευναι συνεχίζονται.

Ἐκ τῆς 1ης σελίδος. Αἱ ἁρμόδιοι ἀρχαὶ ἐξετάζουν τὰς δύο ἐκδοχάς: ὅτι τὸ πλοῖον ἐβυθίσθη λόγῳ μετατοπίσεως τοῦ φορτίου ἢ ὅτι προσέκρουσεν εἰς ὕφαλον. Αἱ ἔρευναι συνεχίζονται.

Ἐκ τῆς 1ης σελίδος. Αἱ ἁρμόδιοι ἀρχαὶ ἐξετάζουν τὰς δύο ἐκδοχάς: ὅτι τὸ πλοῖον ἐβυθίσθη λόγῳ μετατοπίσεως τοῦ φορτίου ἢ ὅτι προσέκρουσεν εἰς ὕφαλον. Αἱ ἔρευναι συνεχίζονται.

Ἐκ τῆς 1ης σελίδος. Αἱ ἁρμόδιοι ἀρχαὶ ἐξετάζουν τὰς δύο ἐκδοχάς: ὅτι τὸ πλοῖον ἐβυθίσθη λόγῳ μετατοπίσεως τοῦ φορτίου ἢ ὅτι προσέκρουσεν εἰς ὕφαλον. Αἱ ἔρευναι συνεχίζονται.

Η ΣΥΓΚΡΟΤΗΣΙΣ ΤΟΥ ΠΛΗΡΩΜΑΤΟΣ

Ἐκ τῆς 1ης σελίδος. Αἱ ἁρμόδιοι ἀρχαὶ ἐξετάζουν τὰς δύο ἐκδοχάς: ὅτι τὸ πλοῖον ἐβυθίσθη λόγῳ μετατοπίσεως τοῦ φορτίου ἢ ὅτι προσέκρουσεν εἰς ὕφαλον. Αἱ ἔρευναι συνεχίζονται.

Ἐκ τῆς 1ης σελίδος. Αἱ ἁρμόδιοι ἀρχαὶ ἐξετάζουν τὰς δύο ἐκδοχάς: ὅτι τὸ πλοῖον ἐβυθίσθη λόγῳ μετατοπίσεως τοῦ φορτίου ἢ ὅτι προσέκρουσεν εἰς ὕφαλον. Αἱ ἔρευναι συνεχίζονται.

Ἐκ τῆς 1ης σελίδος. Αἱ ἁρμόδιοι ἀρχαὶ ἐξετάζουν τὰς δύο ἐκδοχάς: ὅτι τὸ πλοῖον ἐβυθίσθη λόγῳ μετατοπίσεως τοῦ φορτίου ἢ ὅτι προσέκρουσεν εἰς ὕφαλον. Αἱ ἔρευναι συνεχίζονται.

ΣΥΝΕΧΙΖΟΝΤΑΙ ΑΙ ΕΡΕΥΝΑΙ

ΒΟΛΟΣ, 26. — Αἱ ἔρευναι διὰ τὴν ἀνεύρεσιν τῶν ἀγνοουμένων συνεχίζονται χωρὶς ἀποτέλεσμα. Ἀεροπλάνα καὶ πλοῖα διερευνοῦν τὴν περιοχήν.

Πρὶν ἢ διευθετηθῇ ἡ προηγουμένη
ΝΕΑ ΣΟΒΑΡΑ ΔΙΑΦΩΝΙΑ ΑΝΕΚΥΨΕΝ ΕΙΣ ΤΗΝ ΕΥΡΩΠΑΪΚΗΝ ΑΓΟΡΑΝ
Γαλλία, Γερμανία, Βέλγιον, Λουξεμβοῦργον ἀπέρριψαν τὴν ἰταλοολλανδικὴν πρότασιν περὶ ἐνισχύσεως 18 χωρῶν τῆς Ἀφρικῆς
ΕΝΤΟΝΟΣ ΣΥΖΗΤΗΣΙΣ ΔΙΕΞΗΧΘΗ ΕΙΣ ΤΟ ΥΠΟΥΡΓΙΚΟΝ ΣΥΜΒΟΥΛΙΟΝ

ΒΡΥΞΕΛΛΑΙ, 26. ('Ασσ. Πρὲς). — Νέα διαφωνία προέκυψεν εἰς τοὺς κόλπους τῆς Κοινῆς Ἀγορᾶς. Τὸ Ὑπουργικὸν Συμβούλιον τῶν ἕξ χωρῶν διεξήγαγε ἔντονον συζήτησιν ἐπὶ τῆς ἐνισχύσεως τῶν 18 ἀφρικανικῶν χωρῶν.

ΒΡΥΞΕΛΛΑΙ, 26. ('Ασσ. Πρὲς). — Νέα διαφωνία προέκυψεν εἰς τοὺς κόλπους τῆς Κοινῆς Ἀγορᾶς. Τὸ Ὑπουργικὸν Συμβούλιον τῶν ἕξ χωρῶν διεξήγαγε ἔντονον συζήτησιν ἐπὶ τῆς ἐνισχύσεως τῶν 18 ἀφρικανικῶν χωρῶν.

ΒΡΥΞΕΛΛΑΙ, 26. ('Ασσ. Πρὲς). — Νέα διαφωνία προέκυψεν εἰς τοὺς κόλπους τῆς Κοινῆς Ἀγορᾶς. Τὸ Ὑπουργικὸν Συμβούλιον τῶν ἕξ χωρῶν διεξήγαγε ἔντονον συζήτησιν ἐπὶ τῆς ἐνισχύσεως τῶν 18 ἀφρικανικῶν χωρῶν.

ΔΗΛΩΣΕΙΣ ΤΟΥ ΜΠΕΝΤΡΕ

ΜΠΟΝΝ, 26. ('Ασσ. Πρὲς). — Ὁ Γερμανὸς ὑπουργὸς ἐδήλωσεν ὅτι ἡ Ὁμοσπονδιακὴ Δημοκρατία δὲν δύναται νὰ ἀποδεχθῇ τὴν πρότασιν.

ΜΠΟΝΝ, 26. ('Ασσ. Πρὲς). — Ὁ Γερμανὸς ὑπουργὸς ἐδήλωσεν ὅτι ἡ Ὁμοσπονδιακὴ Δημοκρατία δὲν δύναται νὰ ἀποδεχθῇ τὴν πρότασιν.

Τὰ ἀποτελέσματα τοῦ δριμυτάτου χειμῶνος
ΑΠΕΡΓΟΥΝ ΕΙΣ ΤΗΝ ΓΑΛΛΙΑΝ 700.000 ΚΑΙ ΠΛΕΟΝ ΕΡΓΑΤΑΙ
Ἡ κυβέρνησις ἀρνεῖται νὰ δεχθῇ αὐξήσεις
φοβουμένη τὰς πληθωριστικὰς πιέσεις
50ο/ο ΑΝΕΤΙΜΗΘΗΣΑΝ ΤΑ ΤΡΟΦΙΜΑ
Συνέρχεται τὸ ὑπουργικὸν συμβούλιον

ΠΑΡΙΣΙΟΙ, 26. ('Ασσ. Πρὲς). — Πλέον τῶν 700.000 ἐργατῶν ἀπεργοῦν εἰς τὴν Γαλλίαν. Αἱ τιμαὶ τῶν τροφίμων ηὐξήθησαν κατὰ 50 τοῖς ἑκατὸν λόγῳ τοῦ δριμυτάτου χειμῶνος.

ΠΑΡΙΣΙΟΙ, 26. ('Ασσ. Πρὲς). — Πλέον τῶν 700.000 ἐργατῶν ἀπεργοῦν εἰς τὴν Γαλλίαν. Αἱ τιμαὶ τῶν τροφίμων ηὐξήθησαν κατὰ 50 τοῖς ἑκατὸν λόγῳ τοῦ δριμυτάτου χειμῶνος.

ΠΟΙΟΙ ΑΠΕΡΓΟΥΝ

ΠΑΡΙΣΙΟΙ, 26. ('Ασσ. Πρὲς). — Πλέον τῶν 700.000 ἐργατῶν ἀπεργοῦν εἰς τὴν Γαλλίαν. Αἱ τιμαὶ τῶν τροφίμων ηὐξήθησαν κατὰ 50 τοῖς ἑκατὸν λόγῳ τοῦ δριμυτάτου χειμῶνος.

Ὁ ἀριθμὸς τῶν ἀπεργῶν αὐξάνεται. Τὰ κομμουνιστικὰ συνδικᾶτα καλοῦν εἰς γενικὴν ἀπεργίαν.

ΤΑ ΚΟΜΜΟΥΝΙΣΤΙΚΑ ΣΥΝΔΙΚΑΤΑ

Ὁ ἀριθμὸς τῶν ἀπεργῶν αὐξάνεται. Τὰ κομμουνιστικὰ συνδικᾶτα καλοῦν εἰς γενικὴν ἀπεργίαν.

Ὁ ἀριθμὸς τῶν ἀπεργῶν αὐξάνεται. Τὰ κομμουνιστικὰ συνδικᾶτα καλοῦν εἰς γενικὴν ἀπεργίαν.

ΠΑΡΙΣΙΟΙ, 26. ('Ασσ. Πρὲς). — Πλέον τῶν 700.000 ἐργατῶν ἀπεργοῦν εἰς τὴν Γαλλίαν. Αἱ τιμαὶ τῶν τροφίμων ηὐξήθησαν κατὰ 50 τοῖς ἑκατὸν λόγῳ τοῦ δριμυτάτου χειμῶνος.

ΧΑΡΒΕΫ ΧΟΥΝΤΣΟΝ
Ἀλτρουισμὸς ἑνὸς ἁπλοῦ ἀνθρώπου
ΙΣΠΑΝΟΣ ΚΟΥΡΕΥΣ ΔΙΕΣΩΣΕΝ ΕΚ ΚΑΤΑΣΤΡΟΦΗΣ ΣΥΡΜΟΝ ΜΕΤΑΦΕΡΟΝΤΑ 842 ΕΠΙΒΑΤΑΣ
Θὰ κατέπιπτεν εἰς ποταμὸν
ἐκ κρημνισθείσης γεφύρας
ΕΙΧΕΝ ΑΧΡΗΣΤΕΥΘΗ ΥΠΟ ΤΩΝ ΠΛΗΜΜΥΡΩΝ

ΜΑΔΡΙΤΗ, 26. ('Ιδ. ὑπ.). — Ἕνας ἁπλοῦς κουρεὺς ἀπὸ τὴν Χορὰ Γκρέβορ ἐπέτυχε νὰ σταματήσῃ σιδηροδρομικὸν συρμὸν μεταφέροντα 842 ἐπιβάτας, ὁ ὁποῖος θὰ κατέπιπτεν εἰς τὸν ποταμὸν ἐκ κρημνισθείσης γεφύρας.

ΜΑΔΡΙΤΗ, 26. ('Ιδ. ὑπ.). — Ἕνας ἁπλοῦς κουρεὺς ἀπὸ τὴν Χορὰ Γκρέβορ ἐπέτυχε νὰ σταματήσῃ σιδηροδρομικὸν συρμὸν μεταφέροντα 842 ἐπιβάτας, ὁ ὁποῖος θὰ κατέπιπτεν εἰς τὸν ποταμὸν ἐκ κρημνισθείσης γεφύρας.

ΕΜΕΙΩΘΗ ΕΙΣ ΤΗΝ ΑΦΡΙΚΗΝ ΤΟ ΓΟΗΤΡΟΝ ΤΗΣ ΣΟΒΙΕΤΙΚΗΣ ΕΝΩΣΕΩΣ ΚΑΙ ΤΗΣ ΚΙΝΑΣ ΥΠΟΣΤΗΡΙΖΕΙ ΑΜΕΡΙΚΑΝΟΣ ΥΠΟΥΡΓΟΣ
Αἱ Ἡν. Πολιτεῖαι παραμένουν σταθεραὶ
εἰς τὴν ἀρχὴν τῆς αὐτοδιαθέσεως

ΟΥΑΣΙΓΚΤΩΝ, 26. ('Ασσ. Πρὲς). — Ὁ Ἀμερικανὸς ὑφυπουργὸς τῶν Ἐξωτερικῶν διὰ τὰς Ἀφρικανικὰς ὑποθέσεις ἐδήλωσεν ὅτι τὸ γόητρον τῆς Σοβιετικῆς Ἑνώσεως καὶ τῆς Κίνας εἰς τὴν Ἀφρικὴν ἐμειώθη σημαντικῶς.

ΟΥΑΣΙΓΚΤΩΝ, 26. ('Ασσ. Πρὲς). — Ὁ Ἀμερικανὸς ὑφυπουργὸς τῶν Ἐξωτερικῶν διὰ τὰς Ἀφρικανικὰς ὑποθέσεις ἐδήλωσεν ὅτι τὸ γόητρον τῆς Σοβιετικῆς Ἑνώσεως καὶ τῆς Κίνας εἰς τὴν Ἀφρικὴν ἐμειώθη σημαντικῶς.

ΑΛΓΕΡΙΑ

ΟΥΑΣΙΓΚΤΩΝ, 26. ('Ασσ. Πρὲς). — Ὁ Ἀμερικανὸς ὑφυπουργὸς τῶν Ἐξωτερικῶν διὰ τὰς Ἀφρικανικὰς ὑποθέσεις ἐδήλωσεν ὅτι τὸ γόητρον τῆς Σοβιετικῆς Ἑνώσεως καὶ τῆς Κίνας εἰς τὴν Ἀφρικὴν ἐμειώθη σημαντικῶς.

ΕΝΩΜΕΝΗ ΑΡΑΒΙΚΗ ΔΗΜΟΚΡΑΤΙΑ

ΟΥΑΣΙΓΚΤΩΝ, 26. ('Ασσ. Πρὲς). — Ὁ Ἀμερικανὸς ὑφυπουργὸς τῶν Ἐξωτερικῶν διὰ τὰς Ἀφρικανικὰς ὑποθέσεις ἐδήλωσεν ὅτι τὸ γόητρον τῆς Σοβιετικῆς Ἑνώσεως καὶ τῆς Κίνας εἰς τὴν Ἀφρικὴν ἐμειώθη σημαντικῶς.

ΚΟΓΚΟ

ΟΥΑΣΙΓΚΤΩΝ, 26. ('Ασσ. Πρὲς). — Ὁ Ἀμερικανὸς ὑφυπουργὸς τῶν Ἐξωτερικῶν διὰ τὰς Ἀφρικανικὰς ὑποθέσεις ἐδήλωσεν ὅτι τὸ γόητρον τῆς Σοβιετικῆς Ἑνώσεως καὶ τῆς Κίνας εἰς τὴν Ἀφρικὴν ἐμειώθη σημαντικῶς.

ΝΟΤΙΟΣ ΡΟΔΕΣΙΑ

ΟΥΑΣΙΓΚΤΩΝ, 26. ('Ασσ. Πρὲς). — Ὁ Ἀμερικανὸς ὑφυπουργὸς τῶν Ἐξωτερικῶν διὰ τὰς Ἀφρικανικὰς ὑποθέσεις ἐδήλωσεν ὅτι τὸ γόητρον τῆς Σοβιετικῆς Ἑνώσεως καὶ τῆς Κίνας εἰς τὴν Ἀφρικὴν ἐμειώθη σημαντικῶς.

ΚΡΟΥΣΜΑΤΑ ΔΙΦΘΕΡΙΤΙΔΟΣ ΕΣΗΜΕΙΩΘΗΣΑΝ ΕΙΣ ΤΗΝ ΒΕΡΟΙΑΝ ΚΑΙ ΤΗΝ ΚΑΤΕΡΙΝΗΝ
ΣΥΝΕΧΙΖΟΝΤΑΙ ΟΙ ΕΜΒΟΛΙΑΣΜΟΙ ΤΩΝ ΠΑΙΔΩΝ

Δύο νέα κρούσματα διφθερίτιδος ἐσημειώθησαν εἰς τὴν Βέροιαν καὶ ἕν εἰς τὴν Κατερίνην. Αἱ ὑγειονομικαὶ ὑπηρεσίαι συνεχίζουν τοὺς ἐμβολιασμοὺς τῶν παίδων εἰς ὅλα τὰ σχολεῖα τῆς περιοχῆς. Μέχρι στιγμῆς ἐνεβολιάσθησαν 33 δὲ ἐντὸς τῆς πόλεως, 4 ἐκ δὲ Βεροίας 5 διὰ τὸ εἰς 17 ἐμβολιάσεις.

Δύο νέα κρούσματα διφθερίτιδος ἐσημειώθησαν εἰς τὴν Βέροιαν καὶ ἕν εἰς τὴν Κατερίνην. Αἱ ὑγειονομικαὶ ὑπηρεσίαι συνεχίζουν τοὺς ἐμβολιασμοὺς τῶν παίδων εἰς ὅλα τὰ σχολεῖα τῆς περιοχῆς. Μέχρι στιγμῆς ἐνεβολιάσθησαν 33 δὲ ἐντὸς τῆς πόλεως, 4 ἐκ δὲ Βεροίας 5 διὰ τὸ εἰς 17 ἐμβολιάσεις.

Δύο νέα κρούσματα διφθερίτιδος ἐσημειώθησαν εἰς τὴν Βέροιαν καὶ ἕν εἰς τὴν Κατερίνην. Αἱ ὑγειονομικαὶ ὑπηρεσίαι συνεχίζουν τοὺς ἐμβολιασμοὺς τῶν παίδων εἰς ὅλα τὰ σχολεῖα τῆς περιοχῆς. Μέχρι στιγμῆς ἐνεβολιάσθησαν 33 δὲ ἐντὸς τῆς πόλεως, 4 ἐκ δὲ Βεροίας 5 διὰ τὸ εἰς 17 ἐμβολιάσεις.
